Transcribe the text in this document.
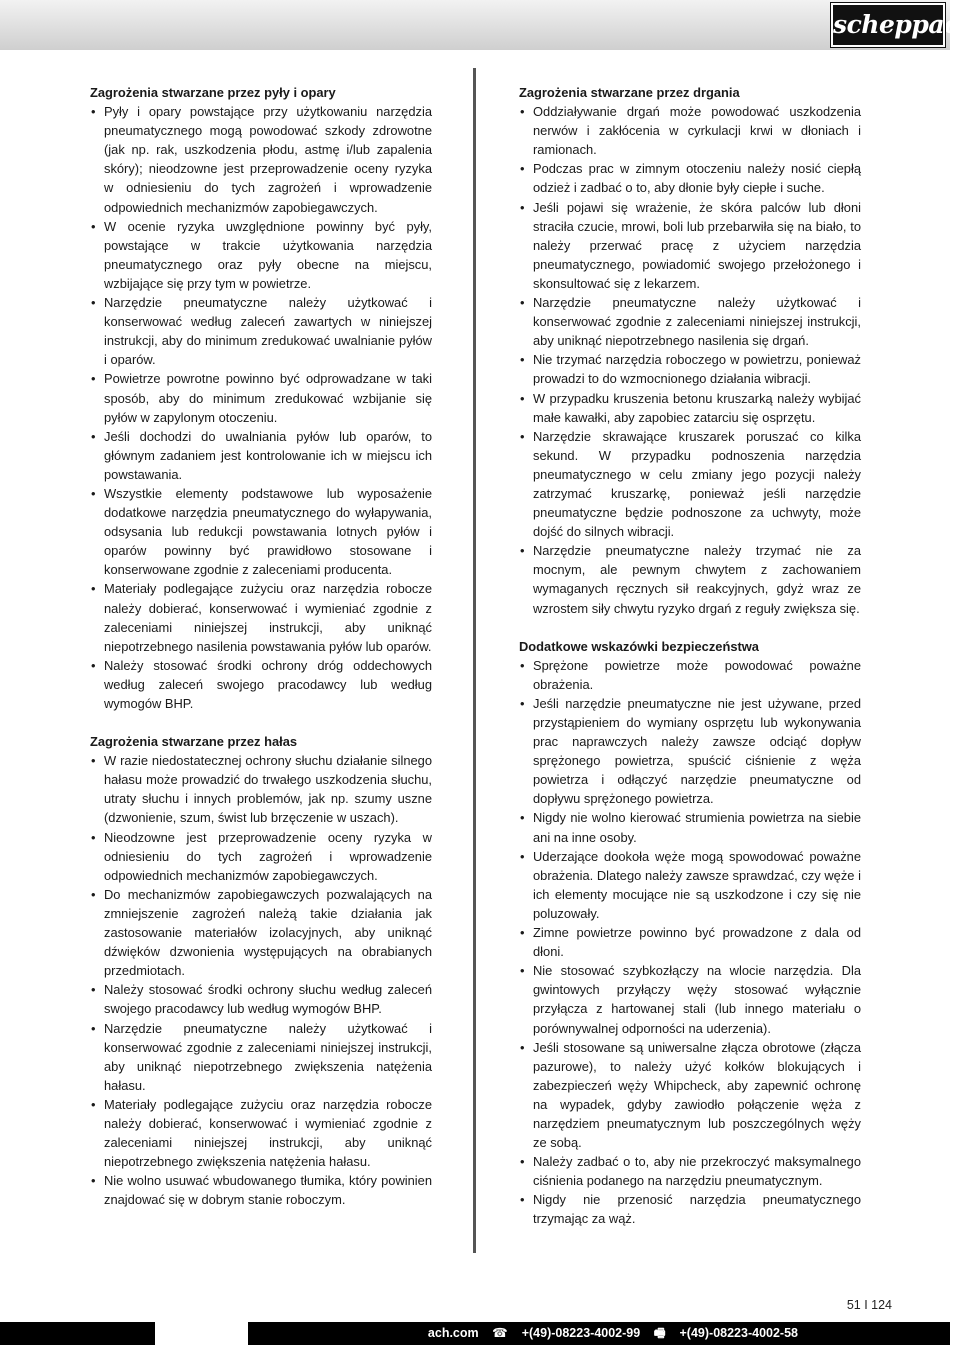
scheppach
Zagrożenia stwarzane przez pyły i opary
• Pyły i opary powstające przy użytkowaniu narzędzia pneumatycznego mogą powodować szkody zdrowotne (jak np. rak, uszkodzenia płodu, astmę i/lub zapalenia skóry); nieodzowne jest przeprowadzenie oceny ryzyka w odniesieniu do tych zagrożeń i wprowadzenie odpowiednich mechanizmów zapobiegawczych.
• W ocenie ryzyka uwzględnione powinny być pyły, powstające w trakcie użytkowania narzędzia pneumatycznego oraz pyły obecne na miejscu, wzbijające się przy tym w powietrze.
• Narzędzie pneumatyczne należy użytkować i konserwować według zaleceń zawartych w niniejszej instrukcji, aby do minimum zredukować uwalnianie pyłów i oparów.
• Powietrze powrotne powinno być odprowadzane w taki sposób, aby do minimum zredukować wzbijanie się pyłów w zapylonym otoczeniu.
• Jeśli dochodzi do uwalniania pyłów lub oparów, to głównym zadaniem jest kontrolowanie ich w miejscu ich powstawania.
• Wszystkie elementy podstawowe lub wyposażenie dodatkowe narzędzia pneumatycznego do wyłapywania, odsysania lub redukcji powstawania lotnych pyłów i oparów powinny być prawidłowo stosowane i konserwowane zgodnie z zaleceniami producenta.
• Materiały podlegające zużyciu oraz narzędzia robocze należy dobierać, konserwować i wymieniać zgodnie z zaleceniami niniejszej instrukcji, aby uniknąć niepotrzebnego nasilenia powstawania pyłów lub oparów.
• Należy stosować środki ochrony dróg oddechowych według zaleceń swojego pracodawcy lub według wymogów BHP.
Zagrożenia stwarzane przez hałas
• W razie niedostatecznej ochrony słuchu działanie silnego hałasu może prowadzić do trwałego uszkodzenia słuchu, utraty słuchu i innych problemów, jak np. szumy uszne (dzwonienie, szum, świst lub brzęczenie w uszach).
• Nieodzowne jest przeprowadzenie oceny ryzyka w odniesieniu do tych zagrożeń i wprowadzenie odpowiednich mechanizmów zapobiegawczych.
• Do mechanizmów zapobiegawczych pozwalających na zmniejszenie zagrożeń należą takie działania jak zastosowanie materiałów izolacyjnych, aby uniknąć dźwięków dzwonienia występujących na obrabianych przedmiotach.
• Należy stosować środki ochrony słuchu według zaleceń swojego pracodawcy lub według wymogów BHP.
• Narzędzie pneumatyczne należy użytkować i konserwować zgodnie z zaleceniami niniejszej instrukcji, aby uniknąć niepotrzebnego zwiększenia natężenia hałasu.
• Materiały podlegające zużyciu oraz narzędzia robocze należy dobierać, konserwować i wymieniać zgodnie z zaleceniami niniejszej instrukcji, aby uniknąć niepotrzebnego zwiększenia natężenia hałasu.
• Nie wolno usuwać wbudowanego tłumika, który powinien znajdować się w dobrym stanie roboczym.
Zagrożenia stwarzane przez drgania
• Oddziaływanie drgań może powodować uszkodzenia nerwów i zakłócenia w cyrkulacji krwi w dłoniach i ramionach.
• Podczas prac w zimnym otoczeniu należy nosić ciepłą odzież i zadbać o to, aby dłonie były ciepłe i suche.
• Jeśli pojawi się wrażenie, że skóra palców lub dłoni straciła czucie, mrowi, boli lub przebarwiła się na biało, to należy przerwać pracę z użyciem narzędzia pneumatycznego, powiadomić swojego przełożonego i skonsultować się z lekarzem.
• Narzędzie pneumatyczne należy użytkować i konserwować zgodnie z zaleceniami niniejszej instrukcji, aby uniknąć niepotrzebnego nasilenia się drgań.
• Nie trzymać narzędzia roboczego w powietrzu, ponieważ prowadzi to do wzmocnionego działania wibracji.
• W przypadku kruszenia betonu kruszarką należy wybijać małe kawałki, aby zapobiec zatarciu się osprzętu.
• Narzędzie skrawające kruszarek poruszać co kilka sekund. W przypadku podnoszenia narzędzia pneumatycznego w celu zmiany jego pozycji należy zatrzymać kruszarkę, ponieważ jeśli narzędzie pneumatyczne będzie podnoszone za uchwyty, może dojść do silnych wibracji.
• Narzędzie pneumatyczne należy trzymać nie za mocnym, ale pewnym chwytem z zachowaniem wymaganych ręcznych sił reakcyjnych, gdyż wraz ze wzrostem siły chwytu ryzyko drgań z reguły zwiększa się.
Dodatkowe wskazówki bezpieczeństwa
• Sprężone powietrze może powodować poważne obrażenia.
• Jeśli narzędzie pneumatyczne nie jest używane, przed przystąpieniem do wymiany osprzętu lub wykonywania prac naprawczych należy zawsze odciąć dopływ sprężonego powietrza, spuścić ciśnienie z węża powietrza i odłączyć narzędzie pneumatyczne od dopływu sprężonego powietrza.
• Nigdy nie wolno kierować strumienia powietrza na siebie ani na inne osoby.
• Uderzające dookoła węże mogą spowodować poważne obrażenia. Dlatego należy zawsze sprawdzać, czy węże i ich elementy mocujące nie są uszkodzone i czy się nie poluzowały.
• Zimne powietrze powinno być prowadzone z dala od dłoni.
• Nie stosować szybkozłączy na wlocie narzędzia. Dla gwintowych przyłączy węży stosować wyłącznie przyłącza z hartowanej stali (lub innego materiału o porównywalnej odporności na uderzenia).
• Jeśli stosowane są uniwersalne złącza obrotowe (złącza pazurowe), to należy użyć kołków blokujących i zabezpieczeń węży Whipcheck, aby zapewnić ochronę na wypadek, gdyby zawiodło połączenie węża z narzędziem pneumatycznym lub poszczególnych węży ze sobą.
• Należy zadbać o to, aby nie przekroczyć maksymalnego ciśnienia podanego na narzędziu pneumatycznym.
• Nigdy nie przenosić narzędzia pneumatycznego trzymając za wąż.
51 I 124
ach.com ☎ +(49)-08223-4002-99 🖷 +(49)-08223-4002-58
